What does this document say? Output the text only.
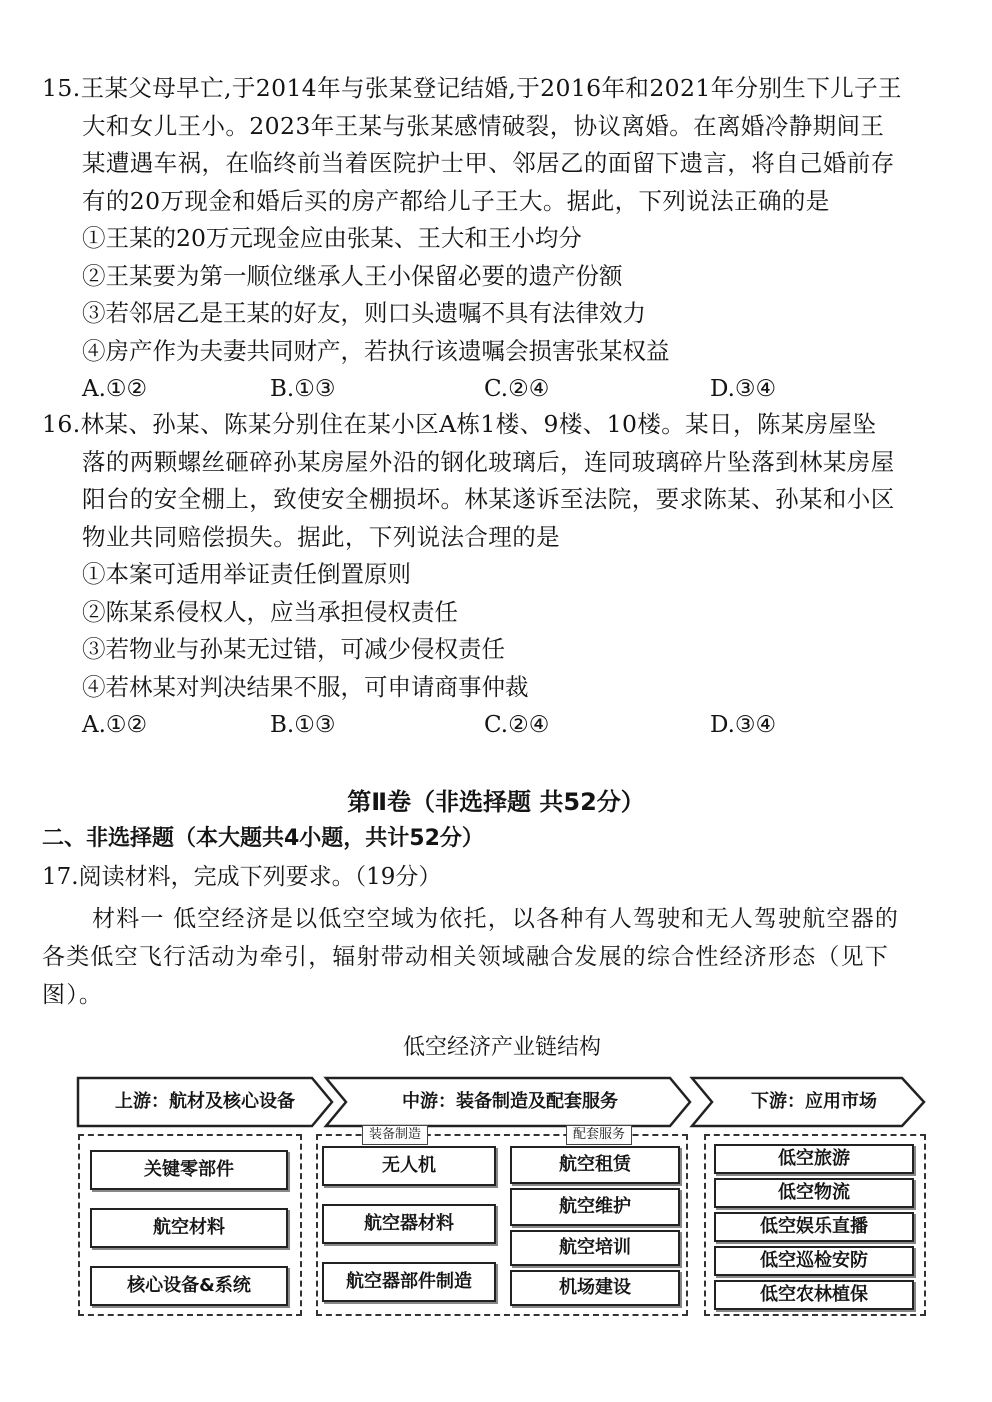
15.王某父母早亡,于2014年与张某登记结婚,于2016年和2021年分别生下儿子王
大和女儿王小。2023年王某与张某感情破裂，协议离婚。在离婚冷静期间王
某遭遇车祸，在临终前当着医院护士甲、邻居乙的面留下遗言，将自己婚前存
有的20万现金和婚后买的房产都给儿子王大。据此，下列说法正确的是
①王某的20万元现金应由张某、王大和王小均分
②王某要为第一顺位继承人王小保留必要的遗产份额
③若邻居乙是王某的好友，则口头遗嘱不具有法律效力
④房产作为夫妻共同财产，若执行该遗嘱会损害张某权益
A.①②	B.①③	C.②④	D.③④
16.林某、孙某、陈某分别住在某小区A栋1楼、9楼、10楼。某日，陈某房屋坠
落的两颗螺丝砸碎孙某房屋外沿的钢化玻璃后，连同玻璃碎片坠落到林某房屋
阳台的安全棚上，致使安全棚损坏。林某遂诉至法院，要求陈某、孙某和小区
物业共同赔偿损失。据此，下列说法合理的是
①本案可适用举证责任倒置原则
②陈某系侵权人，应当承担侵权责任
③若物业与孙某无过错，可减少侵权责任
④若林某对判决结果不服，可申请商事仲裁
A.①②	B.①③	C.②④	D.③④
第Ⅱ卷（非选择题 共52分）
二、非选择题（本大题共4小题，共计52分）
17.阅读材料，完成下列要求。（19分）
材料一 低空经济是以低空空域为依托，以各种有人驾驶和无人驾驶航空器的
各类低空飞行活动为牵引，辐射带动相关领域融合发展的综合性经济形态（见下
图）。
低空经济产业链结构
上游：航材及核心设备	中游：装备制造及配套服务	下游：应用市场
关键零部件
航空材料
核心设备&系统
装备制造	配套服务
无人机
航空器材料
航空器部件制造
航空租赁
航空维护
航空培训
机场建设
低空旅游
低空物流
低空娱乐直播
低空巡检安防
低空农林植保
